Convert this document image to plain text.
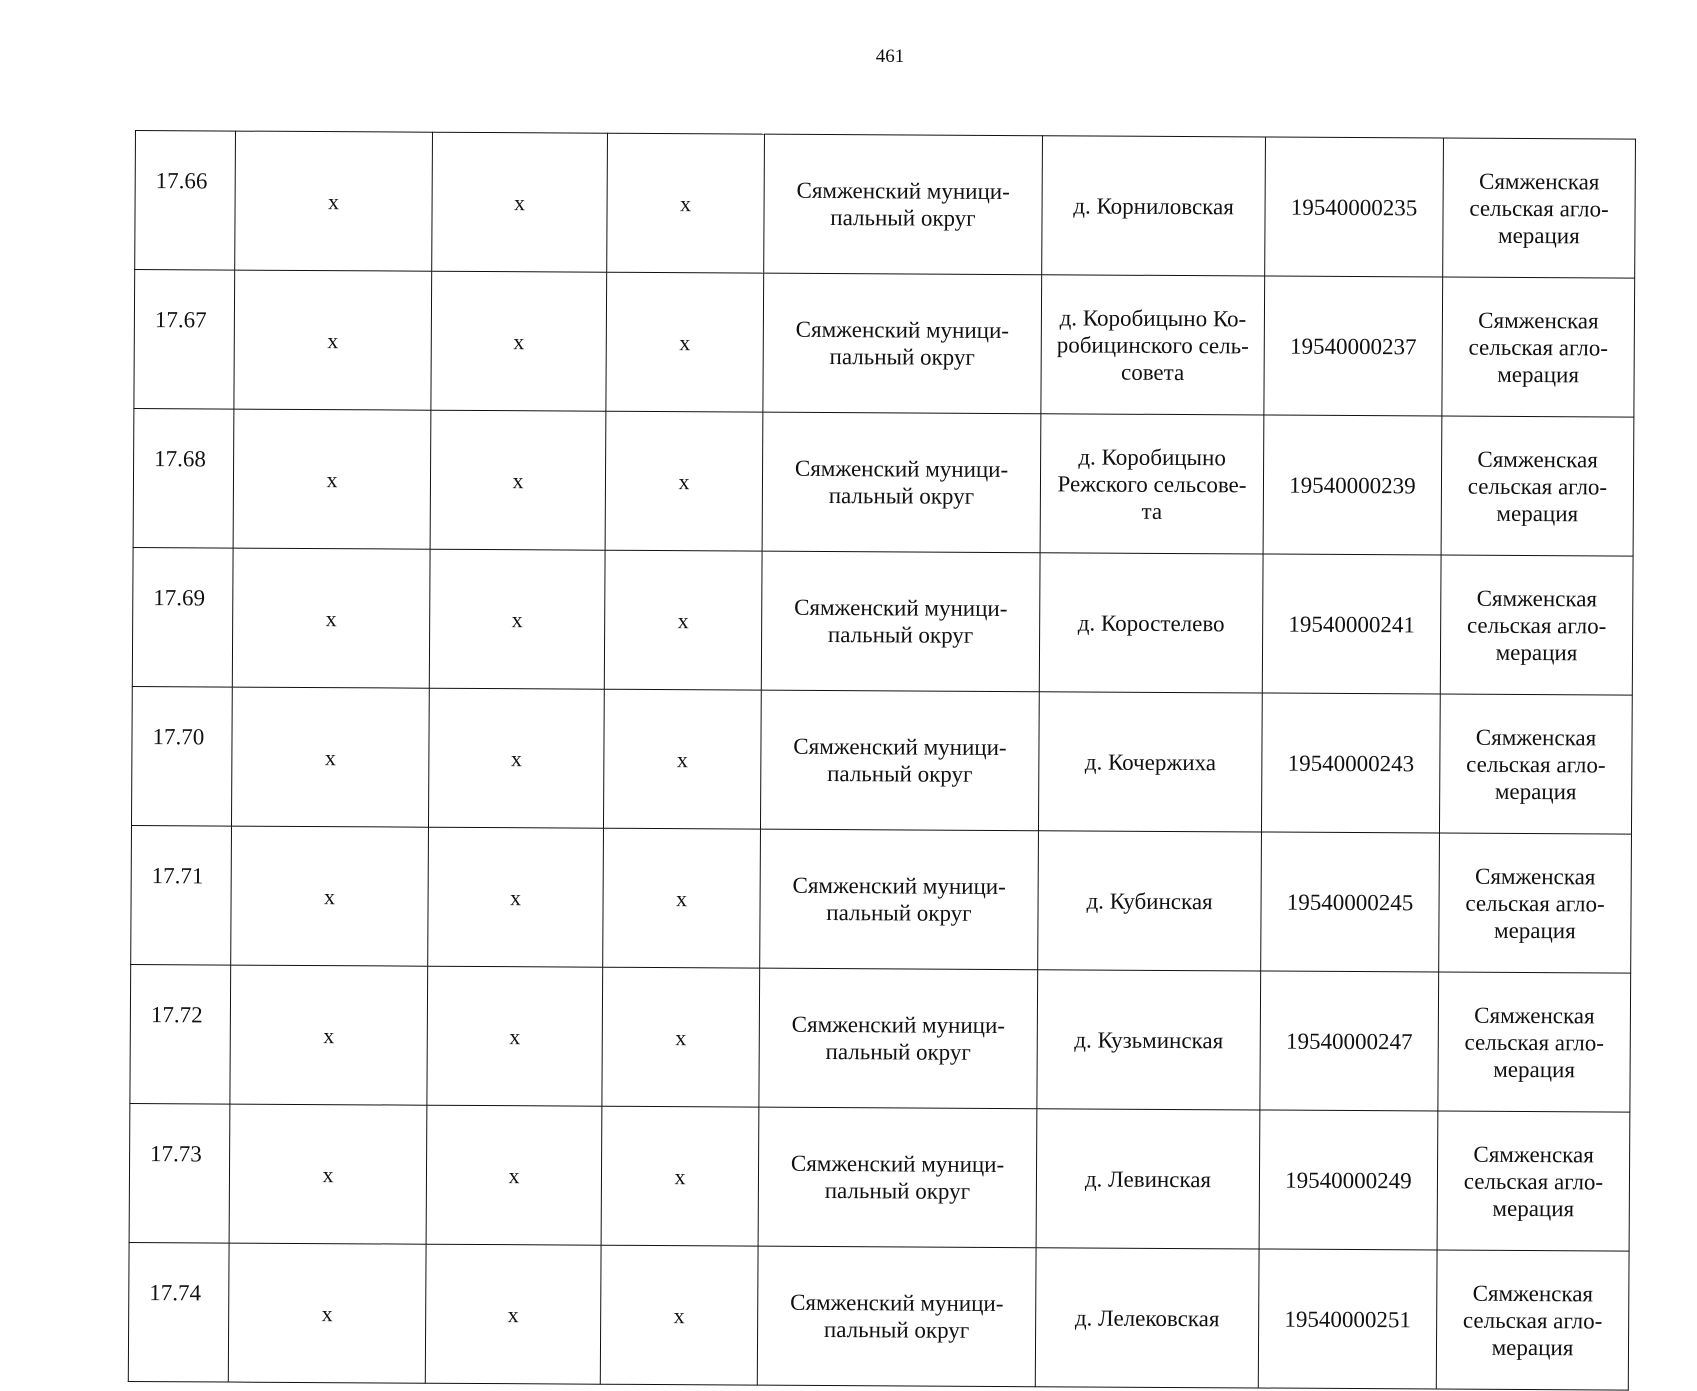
461
17.66	х	х	х	Сямженский муници-
пальный округ	д. Корниловская	19540000235	Сямженская
сельская агло-
мерация

17.67	х	х	х	Сямженский муници-
пальный округ	д. Коробицыно Ко-
робицинского сель-
совета	19540000237	Сямженская
сельская агло-
мерация

17.68	х	х	х	Сямженский муници-
пальный округ	д. Коробицыно
Режского сельсове-
та	19540000239	Сямженская
сельская агло-
мерация

17.69	х	х	х	Сямженский муници-
пальный округ	д. Коростелево	19540000241	Сямженская
сельская агло-
мерация

17.70	х	х	х	Сямженский муници-
пальный округ	д. Кочержиха	19540000243	Сямженская
сельская агло-
мерация

17.71	х	х	х	Сямженский муници-
пальный округ	д. Кубинская	19540000245	Сямженская
сельская агло-
мерация

17.72	х	х	х	Сямженский муници-
пальный округ	д. Кузьминская	19540000247	Сямженская
сельская агло-
мерация

17.73	х	х	х	Сямженский муници-
пальный округ	д. Левинская	19540000249	Сямженская
сельская агло-
мерация

17.74	х	х	х	Сямженский муници-
пальный округ	д. Лелековская	19540000251	Сямженская
сельская агло-
мерация
